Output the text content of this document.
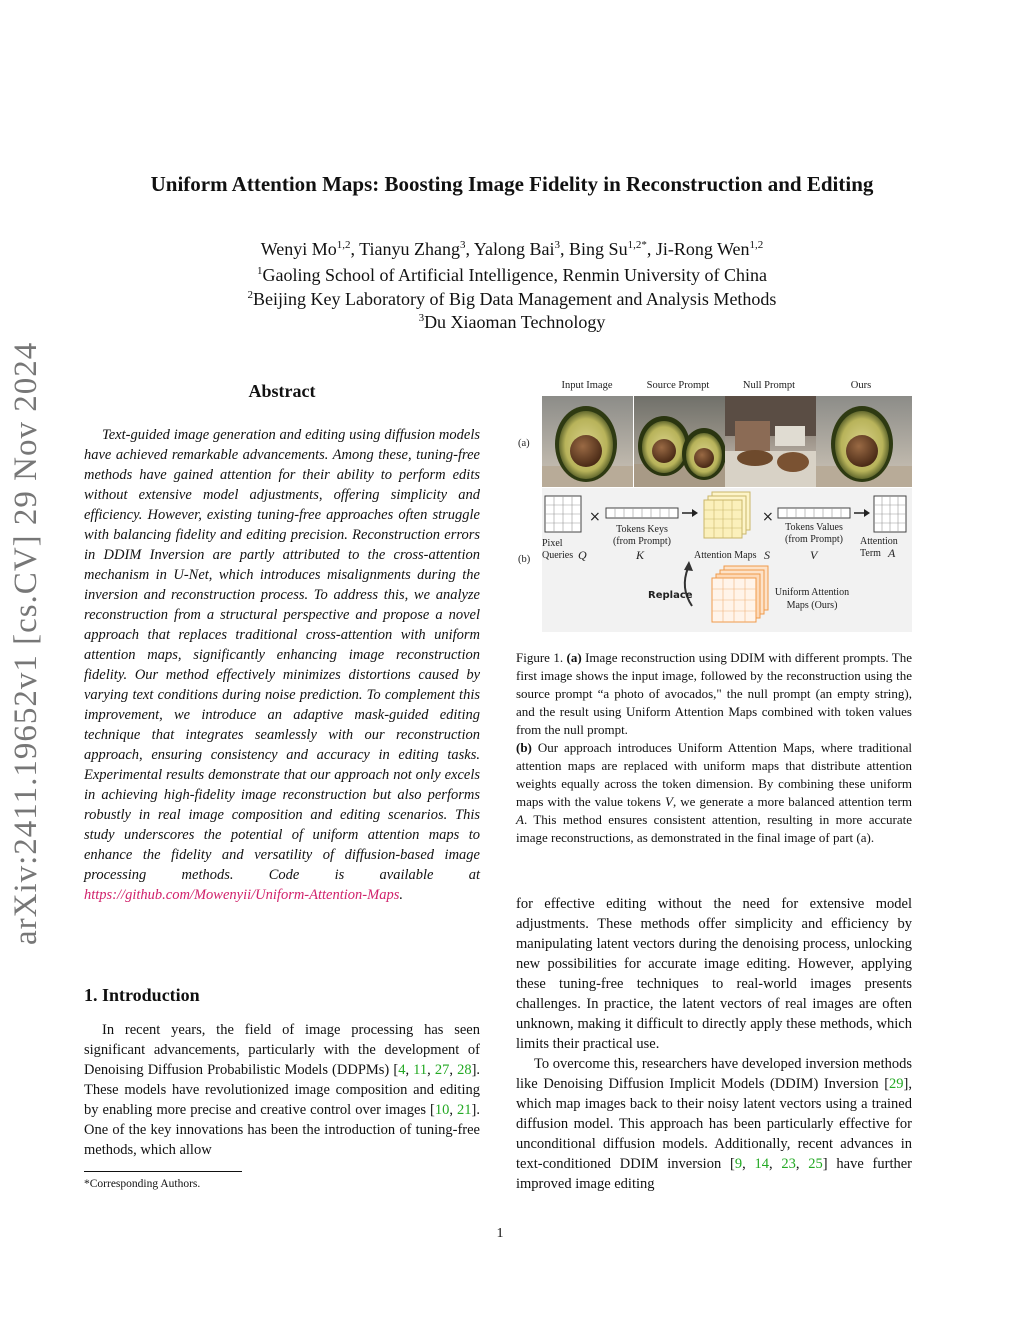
arXiv:2411.19652v1 [cs.CV] 29 Nov 2024
Uniform Attention Maps: Boosting Image Fidelity in Reconstruction and Editing
Wenyi Mo$^{1,2}$, Tianyu Zhang$^3$, Yalong Bai$^3$, Bing $Su^{1,2*}$, Ji-Rong Wen$^{1,2}$
$^1$Gaoling School of Artificial Intelligence, Renmin University of China
$^2$Beijing Key Laboratory of Big Data Management and Analysis Methods
$^3$Du Xiaoman Technology
Abstract

Text-guided image generation and editing using diffusion models have achieved remarkable advancements. Among these, tuning-free methods have gained attention for their ability to perform edits without extensive model adjustments, offering simplicity and efficiency. However, existing tuning-free approaches often struggle with balancing fidelity and editing precision. Reconstruction errors in DDIM Inversion are partly attributed to the cross-attention mechanism in U-Net, which introduces misalignments during the inversion and reconstruction process. To address this, we analyze reconstruction from a structural perspective and propose a novel approach that replaces traditional cross-attention with uniform attention maps, significantly enhancing image reconstruction fidelity. Our method effectively minimizes distortions caused by varying text conditions during noise prediction. To complement this improvement, we introduce an adaptive mask-guided editing technique that integrates seamlessly with our reconstruction approach, ensuring consistency and accuracy in editing tasks. Experimental results demonstrate that our approach not only excels in achieving high-fidelity image reconstruction but also performs robustly in real image composition and editing scenarios. This study underscores the potential of uniform attention maps to enhance the fidelity and versatility of diffusion-based image processing methods. Code is available at https://github.com/Mowenyii/Uniform-Attention-Maps.

1. Introduction

In recent years, the field of image processing has seen significant advancements, particularly with the development of Denoising Diffusion Probabilistic Models (DDPMs) [4, 11, 27, 28]. These models have revolutionized image composition and editing by enabling more precise and creative control over images [10, 21]. One of the key innovations has been the introduction of tuning-free methods, which allow

*Corresponding Authors.
Input Image	Source Prompt	Null Prompt	Ours
(a)
(b)
×	×
Pixel Queries Q
Tokens Keys (from Prompt)
K	Attention Maps S
Tokens Values (from Prompt)
V
Attention Term A
Replace	Uniform Attention Maps (Ours)

Figure 1. (a) Image reconstruction using DDIM with different prompts. The first image shows the input image, followed by the reconstruction using the source prompt “a photo of avocados," the null prompt (an empty string), and the result using Uniform Attention Maps combined with token values from the null prompt.
(b) Our approach introduces Uniform Attention Maps, where traditional attention maps are replaced with uniform maps that distribute attention weights equally across the token dimension. By combining these uniform maps with the value tokens V, we generate a more balanced attention term A. This method ensures consistent attention, resulting in more accurate image reconstructions, as demonstrated in the final image of part (a).

for effective editing without the need for extensive model adjustments. These methods offer simplicity and efficiency by manipulating latent vectors during the denoising process, unlocking new possibilities for accurate image editing. However, applying these tuning-free techniques to real-world images presents challenges. In practice, the latent vectors of real images are often unknown, making it difficult to directly apply these methods, which limits their practical use.

To overcome this, researchers have developed inversion methods like Denoising Diffusion Implicit Models (DDIM) Inversion [29], which map images back to their noisy latent vectors using a trained diffusion model. This approach has been particularly effective for unconditional diffusion models. Additionally, recent advances in text-conditioned DDIM inversion [9, 14, 23, 25] have further improved image editing

1
